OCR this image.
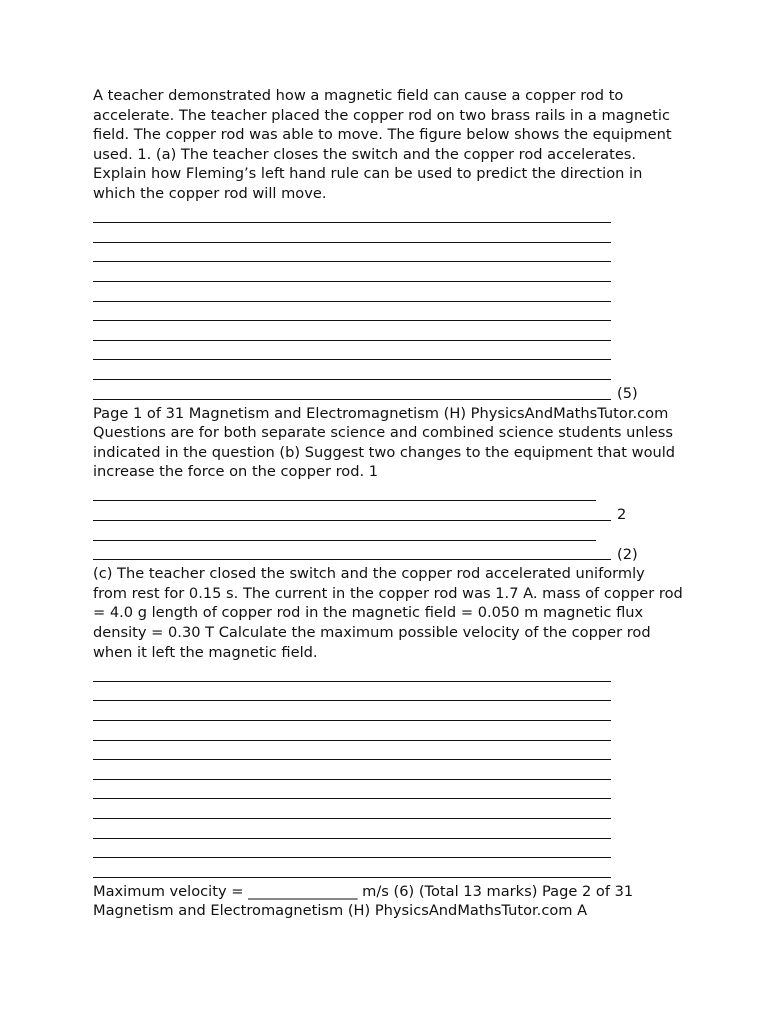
A teacher demonstrated how a magnetic field can cause a copper rod to accelerate. The teacher placed the copper rod on two brass rails in a magnetic field. The copper rod was able to move. The figure below shows the equipment used. 1. (a) The teacher closes the switch and the copper rod accelerates. Explain how Fleming’s left hand rule can be used to predict the direction in which the copper rod will move.

(5)

Page 1 of 31 Magnetism and Electromagnetism (H) PhysicsAndMathsTutor.com Questions are for both separate science and combined science students unless indicated in the question (b) Suggest two changes to the equipment that would increase the force on the copper rod. 1

2
(2)

(c) The teacher closed the switch and the copper rod accelerated uniformly from rest for 0.15 s. The current in the copper rod was 1.7 A. mass of copper rod = 4.0 g length of copper rod in the magnetic field = 0.050 m magnetic flux density = 0.30 T Calculate the maximum possible velocity of the copper rod when it left the magnetic field.

Maximum velocity = _______________ m/s (6) (Total 13 marks) Page 2 of 31 Magnetism and Electromagnetism (H) PhysicsAndMathsTutor.com A
